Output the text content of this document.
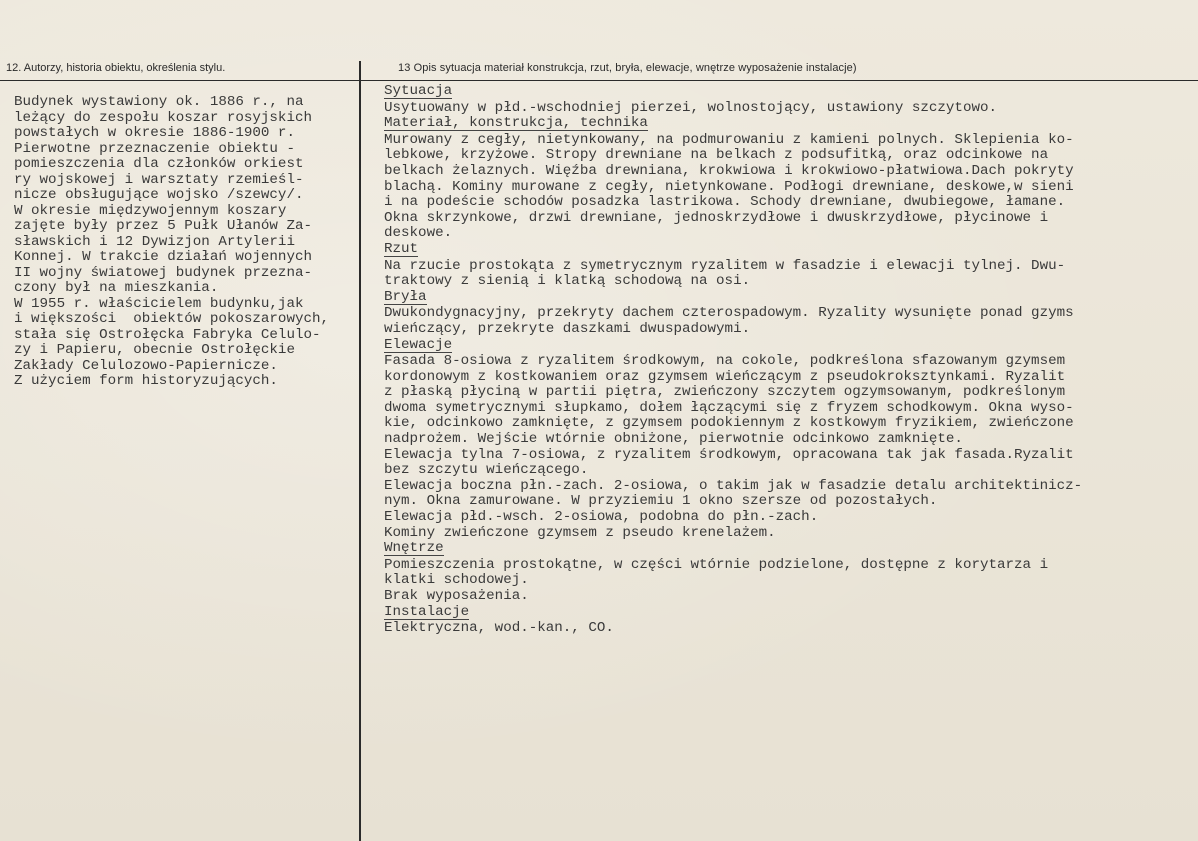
12. Autorzy, historia obiektu, określenia stylu.	13 Opis sytuacja materiał konstrukcja, rzut, bryła, elewacje, wnętrze wyposażenie instalacje)
Budynek wystawiony ok. 1886 r., na
leżący do zespołu koszar rosyjskich
powstałych w okresie 1886-1900 r.
Pierwotne przeznaczenie obiektu -
pomieszczenia dla członków orkiest
ry wojskowej i warsztaty rzemieśl-
nicze obsługujące wojsko /szewcy/.
W okresie międzywojennym koszary
zajęte były przez 5 Pułk Ułanów Za-
sławskich i 12 Dywizjon Artylerii
Konnej. W trakcie działań wojennych
II wojny światowej budynek przezna-
czony był na mieszkania.
W 1955 r. właścicielem budynku,jak
i większości  obiektów pokoszarowych,
stała się Ostrołęcka Fabryka Celulo-
zy i Papieru, obecnie Ostrołęckie
Zakłady Celulozowo-Papiernicze.
Z użyciem form historyzujących.
Sytuacja
Usytuowany w płd.-wschodniej pierzei, wolnostojący, ustawiony szczytowo.
Materiał, konstrukcja, technika
Murowany z cegły, nietynkowany, na podmurowaniu z kamieni polnych. Sklepienia ko-
lebkowe, krzyżowe. Stropy drewniane na belkach z podsufitką, oraz odcinkowe na
belkach żelaznych. Więźba drewniana, krokwiowa i krokwiowo-płatwiowa.Dach pokryty
blachą. Kominy murowane z cegły, nietynkowane. Podłogi drewniane, deskowe,w sieni
i na podeście schodów posadzka lastrikowa. Schody drewniane, dwubiegowe, łamane.
Okna skrzynkowe, drzwi drewniane, jednoskrzydłowe i dwuskrzydłowe, płycinowe i
deskowe.
Rzut
Na rzucie prostokąta z symetrycznym ryzalitem w fasadzie i elewacji tylnej. Dwu-
traktowy z sienią i klatką schodową na osi.
Bryła
Dwukondygnacyjny, przekryty dachem czterospadowym. Ryzality wysunięte ponad gzyms
wieńczący, przekryte daszkami dwuspadowymi.
Elewacje
Fasada 8-osiowa z ryzalitem środkowym, na cokole, podkreślona sfazowanym gzymsem
kordonowym z kostkowaniem oraz gzymsem wieńczącym z pseudokroksztynkami. Ryzalit
z płaską płyciną w partii piętra, zwieńczony szczytem ogzymsowanym, podkreślonym
dwoma symetrycznymi słupkamo, dołem łączącymi się z fryzem schodkowym. Okna wyso-
kie, odcinkowo zamknięte, z gzymsem podokiennym z kostkowym fryzikiem, zwieńczone
nadprożem. Wejście wtórnie obniżone, pierwotnie odcinkowo zamknięte.
Elewacja tylna 7-osiowa, z ryzalitem środkowym, opracowana tak jak fasada.Ryzalit
bez szczytu wieńczącego.
Elewacja boczna płn.-zach. 2-osiowa, o takim jak w fasadzie detalu architektinicz-
nym. Okna zamurowane. W przyziemiu 1 okno szersze od pozostałych.
Elewacja płd.-wsch. 2-osiowa, podobna do płn.-zach.
Kominy zwieńczone gzymsem z pseudo krenelażem.
Wnętrze
Pomieszczenia prostokątne, w części wtórnie podzielone, dostępne z korytarza i
klatki schodowej.
Brak wyposażenia.
Instalacje
Elektryczna, wod.-kan., CO.
